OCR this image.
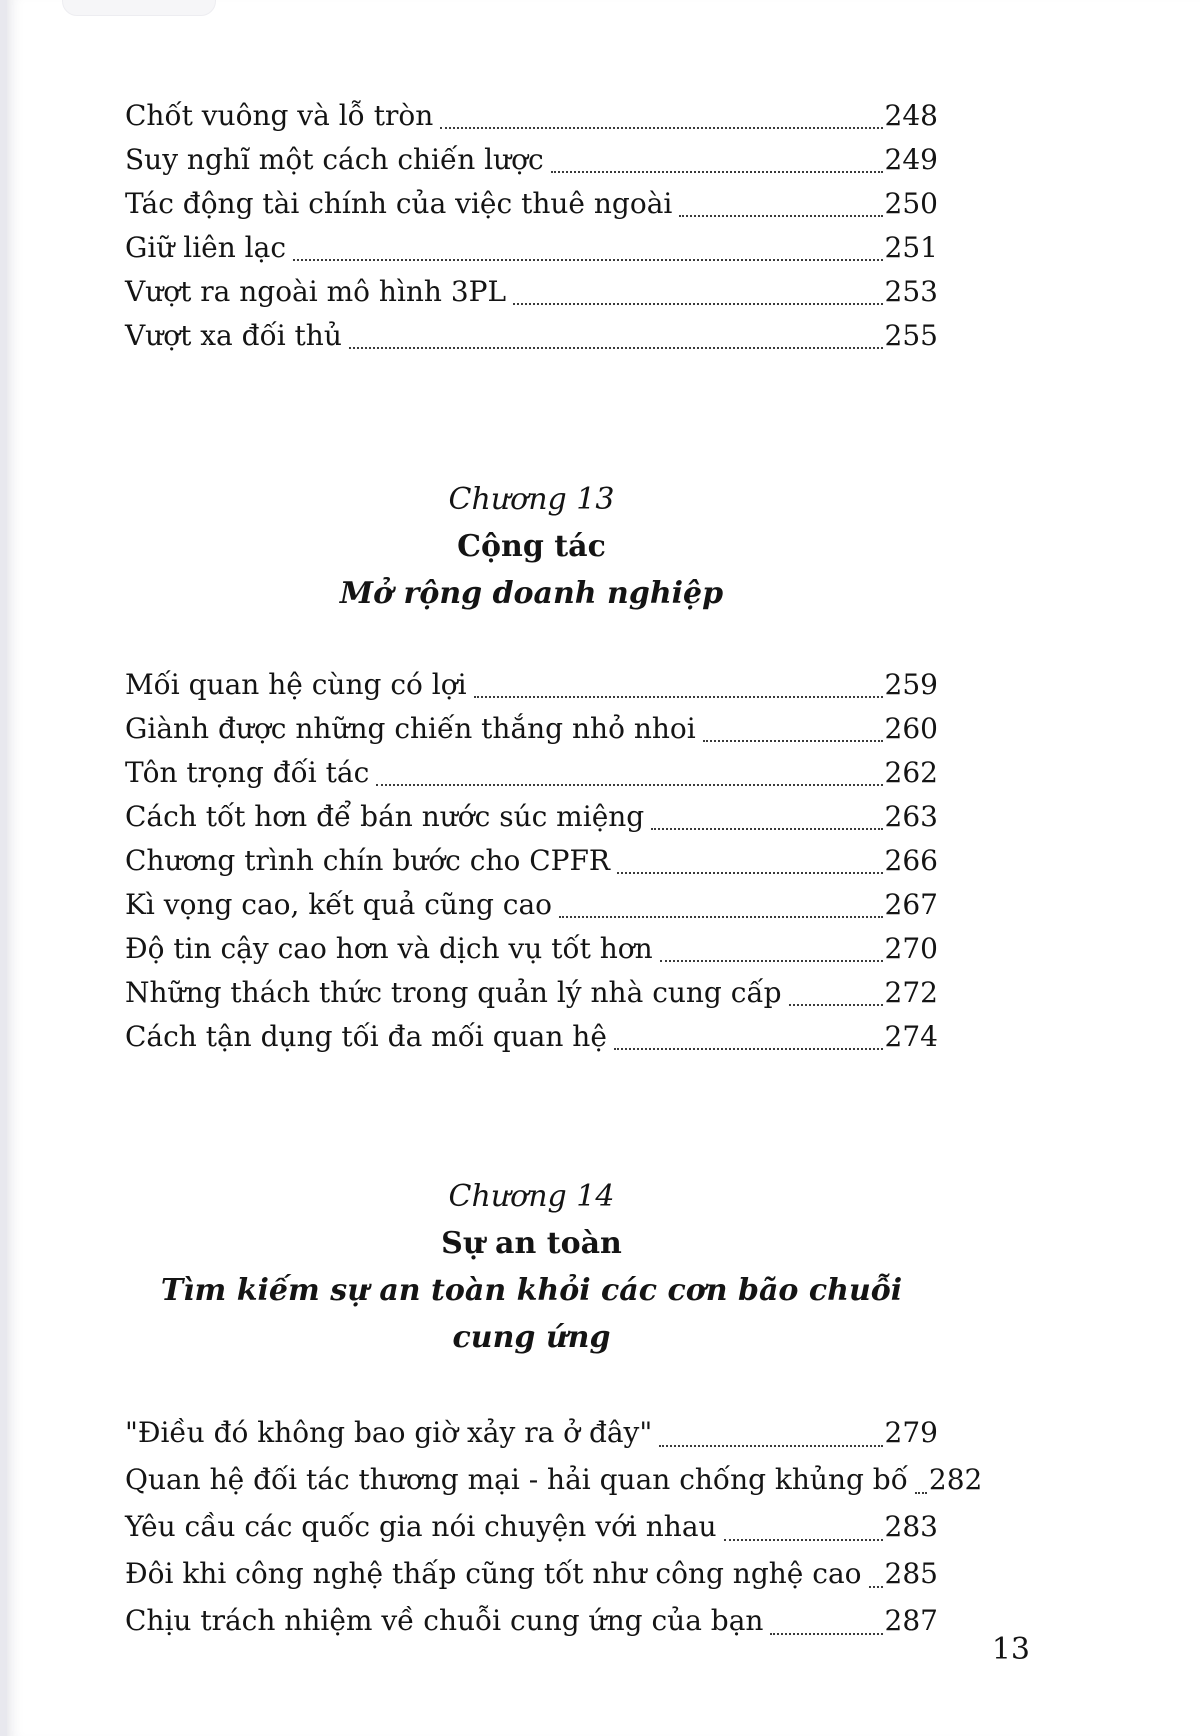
Chốt vuông và lỗ tròn	248
Suy nghĩ một cách chiến lược	249
Tác động tài chính của việc thuê ngoài	250
Giữ liên lạc	251
Vượt ra ngoài mô hình 3PL	253
Vượt xa đối thủ	255
Chương 13
Cộng tác
Mở rộng doanh nghiệp
Mối quan hệ cùng có lợi	259
Giành được những chiến thắng nhỏ nhoi	260
Tôn trọng đối tác	262
Cách tốt hơn để bán nước súc miệng	263
Chương trình chín bước cho CPFR	266
Kì vọng cao, kết quả cũng cao	267
Độ tin cậy cao hơn và dịch vụ tốt hơn	270
Những thách thức trong quản lý nhà cung cấp	272
Cách tận dụng tối đa mối quan hệ	274
Chương 14
Sự an toàn
Tìm kiếm sự an toàn khỏi các cơn bão chuỗi cung ứng
"Điều đó không bao giờ xảy ra ở đây"	279
Quan hệ đối tác thương mại - hải quan chống khủng bố 282
Yêu cầu các quốc gia nói chuyện với nhau	283
Đôi khi công nghệ thấp cũng tốt như công nghệ cao 285
Chịu trách nhiệm về chuỗi cung ứng của bạn	287
13
